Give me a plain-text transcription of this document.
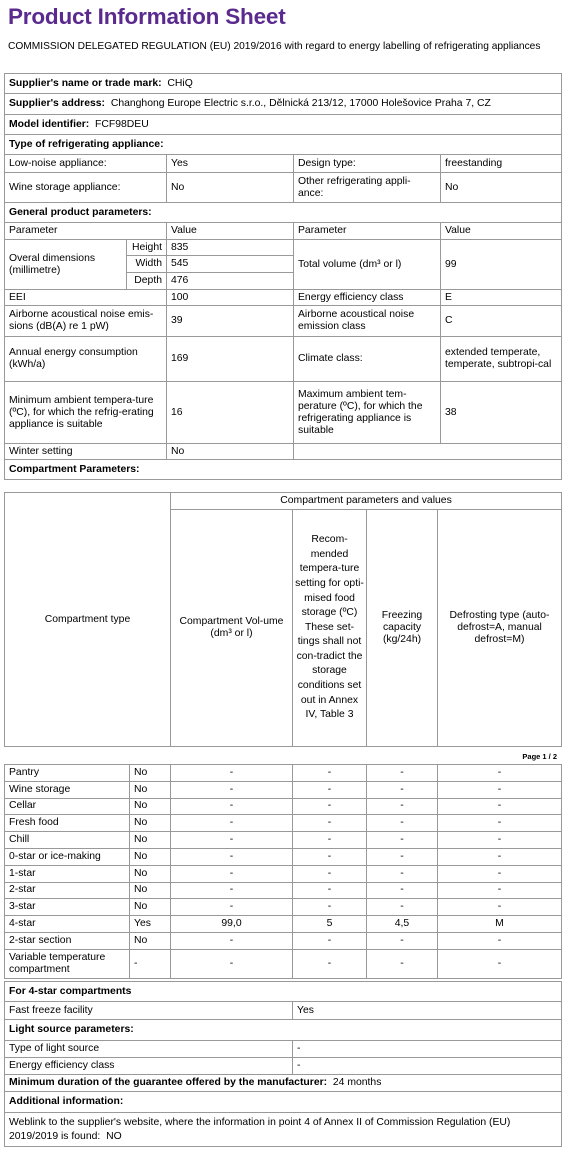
Product Information Sheet
COMMISSION DELEGATED REGULATION (EU) 2019/2016 with regard to energy labelling of refrigerating appliances
Supplier's name or trade mark: CHiQ				
Supplier's address: Changhong Europe Electric s.r.o., Dělnická 213/12, 17000 Holešovice Praha 7, CZ				
Model identifier: FCF98DEU				
Type of refrigerating appliance:				
Low-noise appliance:		Yes	Design type:	freestanding
Wine storage appliance:		No	Other refrigerating appli-ance:	No
General product parameters:				
Parameter		Value	Parameter	Value
Overal dimensions (millimetre)	Height	835	Total volume (dm³ or l)	99
	Width	545		
	Depth	476		
EEI		100	Energy efficiency class	E
Airborne acoustical noise emis-sions (dB(A) re 1 pW)		39	Airborne acoustical noise emission class	C
Annual energy consumption (kWh/a)		169	Climate class:	extended temperate, temperate, subtropi-cal
Minimum ambient tempera-ture (ºC), for which the refrig-erating appliance is suitable		16	Maximum ambient tem-perature (ºC), for which the refrigerating appliance is suitable	38
Winter setting		No		
Compartment Parameters:				
Compartment type	Compartment parameters and values			
	Compartment Vol-ume (dm³ or l)	Recom-mended tempera-ture setting for opti-mised food storage (ºC) These set-tings shall not con-tradict the storage conditions set out in Annex IV, Table 3	Freezing capacity (kg/24h)	Defrosting type (auto-defrost=A, manual defrost=M)
Page 1 / 2
Pantry	No	-	-	-	-
Wine storage	No	-	-	-	-
Cellar	No	-	-	-	-
Fresh food	No	-	-	-	-
Chill	No	-	-	-	-
0-star or ice-making	No	-	-	-	-
1-star	No	-	-	-	-
2-star	No	-	-	-	-
3-star	No	-	-	-	-
4-star	Yes	99,0	5	4,5	M
2-star section	No	-	-	-	-
Variable temperature compartment	-	-	-	-	-
For 4-star compartments	
Fast freeze facility	Yes
Light source parameters:	
Type of light source	-
Energy efficiency class	-
Minimum duration of the guarantee offered by the manufacturer: 24 months	
Additional information:	
Weblink to the supplier's website, where the information in point 4 of Annex II of Commission Regulation (EU) 2019/2019 is found: NO	
